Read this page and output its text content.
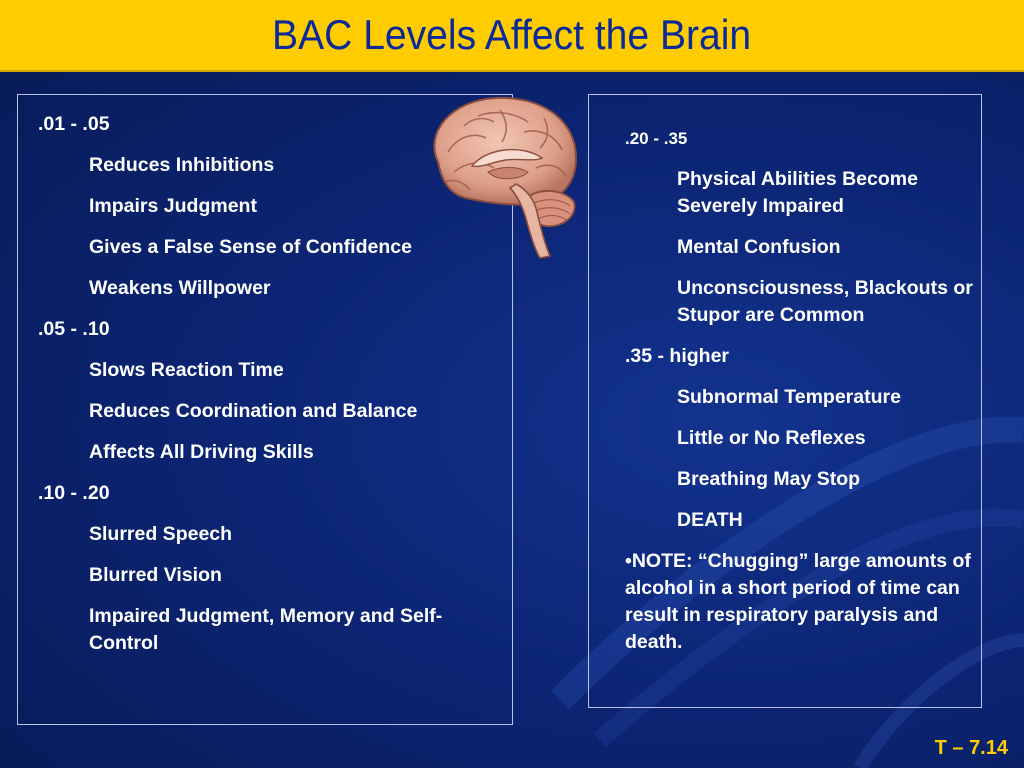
BAC Levels Affect the Brain
.01 - .05
Reduces Inhibitions
Impairs Judgment
Gives a False Sense of Confidence
Weakens Willpower
.05 - .10
Slows Reaction Time
Reduces Coordination and Balance
Affects All Driving Skills
.10 - .20
Slurred Speech
Blurred Vision
Impaired Judgment, Memory and Self-Control
.20 - .35
Physical Abilities Become Severely Impaired
Mental Confusion
Unconsciousness, Blackouts or Stupor are Common
.35 - higher
Subnormal Temperature
Little or No Reflexes
Breathing May Stop
DEATH
•NOTE: “Chugging” large amounts of alcohol in a short period of time can result in respiratory paralysis and death.
T – 7.14
